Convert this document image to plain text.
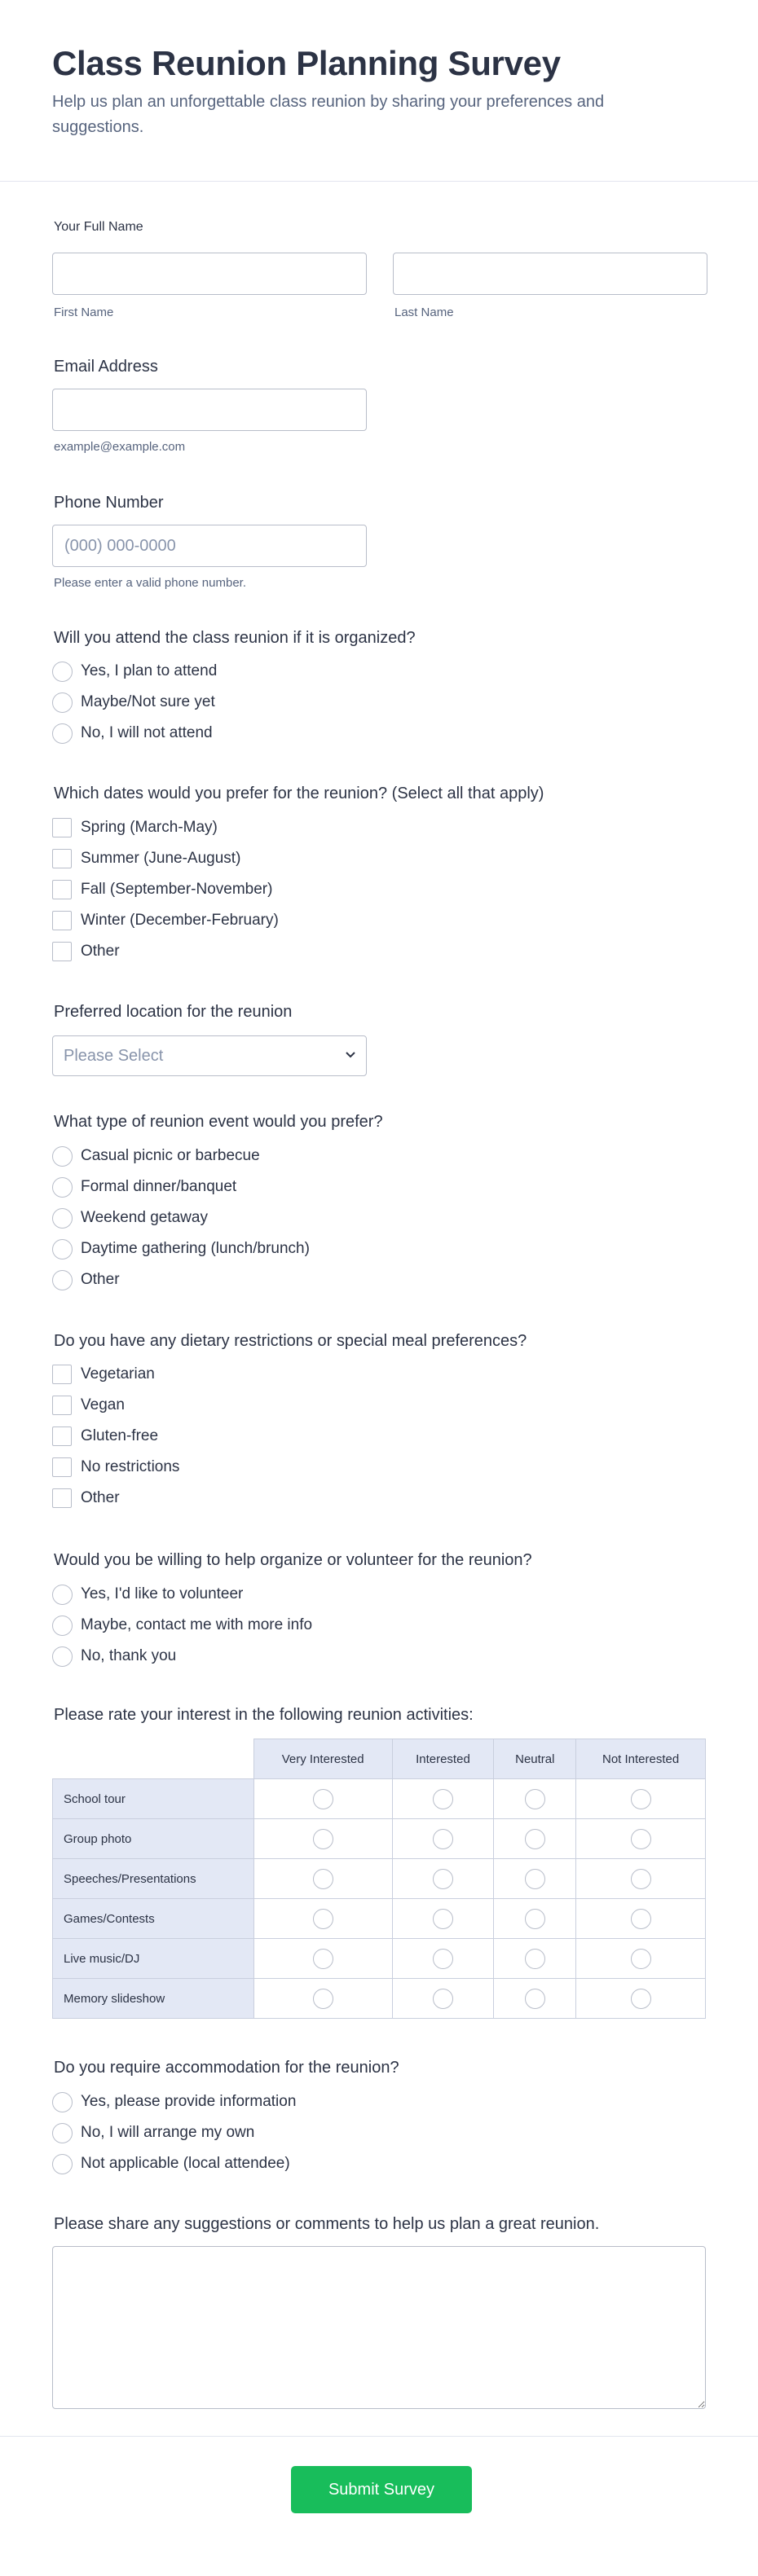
Class Reunion Planning Survey

Help us plan an unforgettable class reunion by sharing your preferences and suggestions.

Your Full Name
First Name	Last Name
Email Address
example@example.com
Phone Number
(000) 000-0000
Please enter a valid phone number.
Will you attend the class reunion if it is organized?
Yes, I plan to attend
Maybe/Not sure yet
No, I will not attend
Which dates would you prefer for the reunion? (Select all that apply)
Spring (March-May)
Summer (June-August)
Fall (September-November)
Winter (December-February)
Other
Preferred location for the reunion
Please Select
What type of reunion event would you prefer?
Casual picnic or barbecue
Formal dinner/banquet
Weekend getaway
Daytime gathering (lunch/brunch)
Other
Do you have any dietary restrictions or special meal preferences?
Vegetarian
Vegan
Gluten-free
No restrictions
Other
Would you be willing to help organize or volunteer for the reunion?
Yes, I'd like to volunteer
Maybe, contact me with more info
No, thank you
Please rate your interest in the following reunion activities:
	Very Interested	Interested	Neutral	Not Interested
School tour				
Group photo				
Speeches/Presentations				
Games/Contests				
Live music/DJ				
Memory slideshow				
Do you require accommodation for the reunion?
Yes, please provide information
No, I will arrange my own
Not applicable (local attendee)
Please share any suggestions or comments to help us plan a great reunion.
Submit Survey
